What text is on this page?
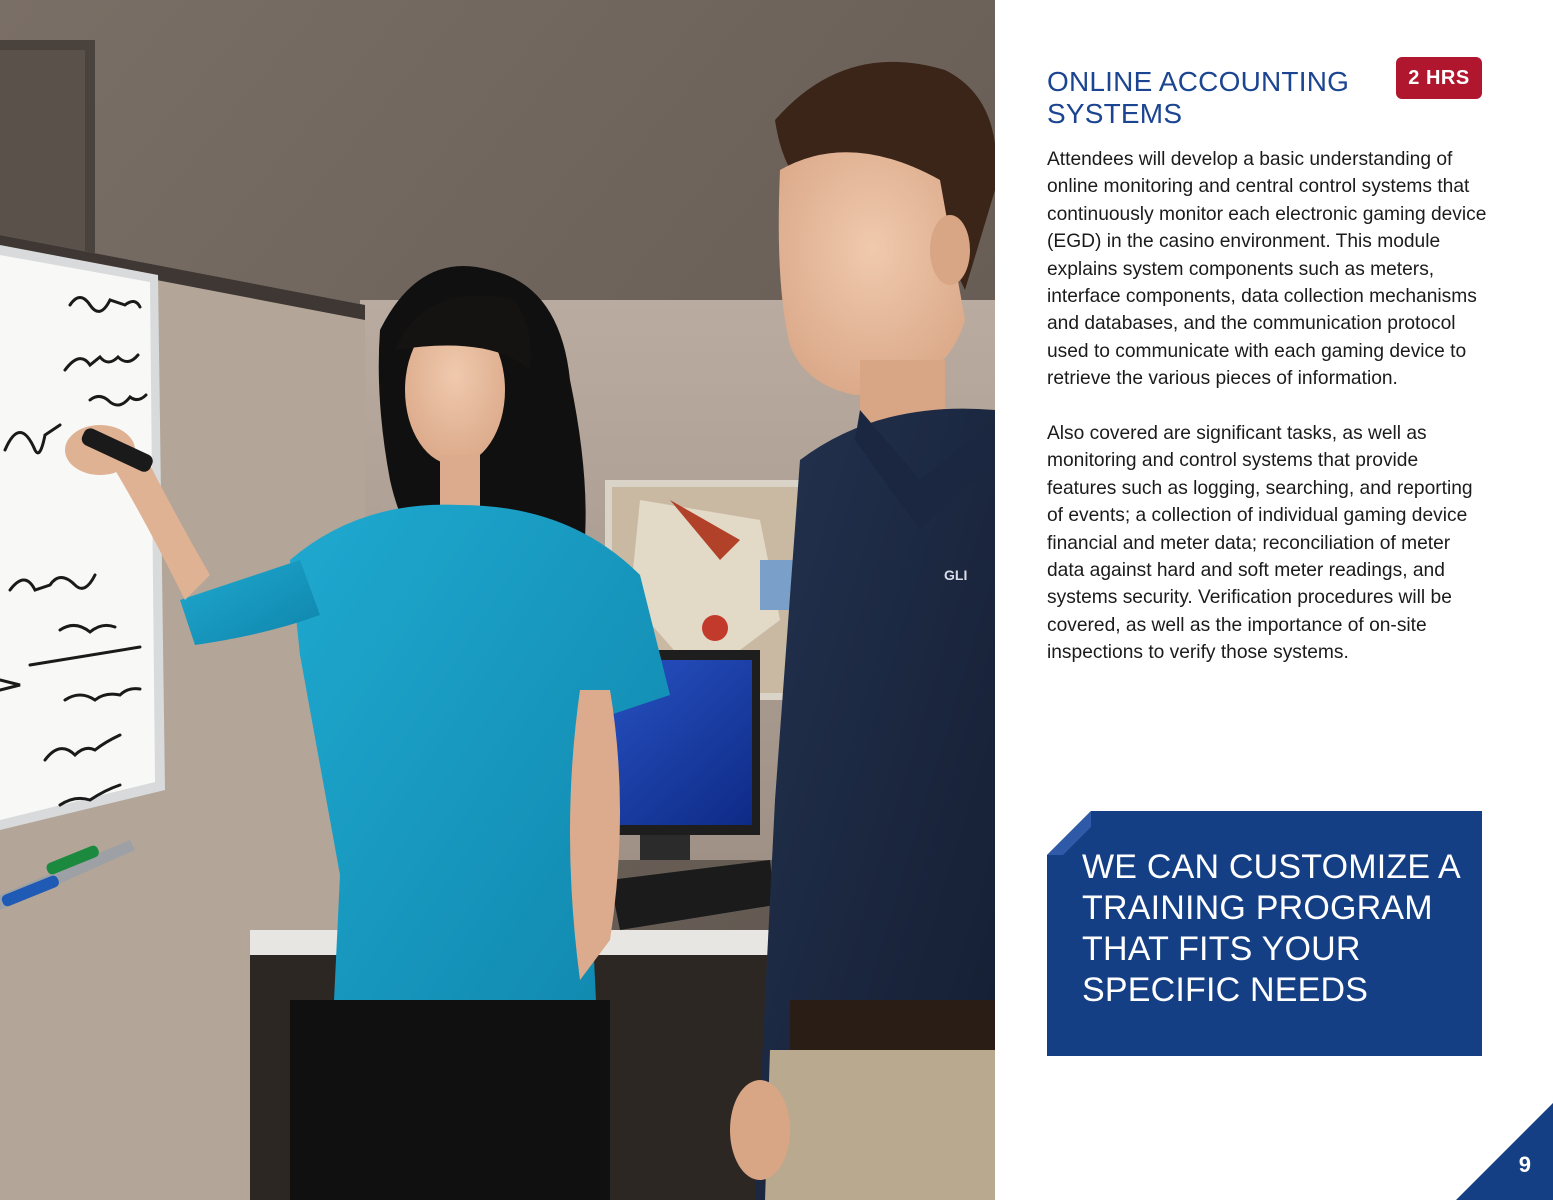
GLI
2 HRS
ONLINE ACCOUNTING SYSTEMS

Attendees will develop a basic understanding of online monitoring and central control systems that continuously monitor each electronic gaming device (EGD) in the casino environment. This module explains system components such as meters, interface components, data collection mechanisms and databases, and the communication protocol used to communicate with each gaming device to retrieve the various pieces of information.

Also covered are significant tasks, as well as monitoring and control systems that provide features such as logging, searching, and reporting of events; a collection of individual gaming device financial and meter data; reconciliation of meter data against hard and soft meter readings, and systems security. Verification procedures will be covered, as well as the importance of on-site inspections to verify those systems.

WE CAN CUSTOMIZE A TRAINING PROGRAM THAT FITS YOUR SPECIFIC NEEDS
9
